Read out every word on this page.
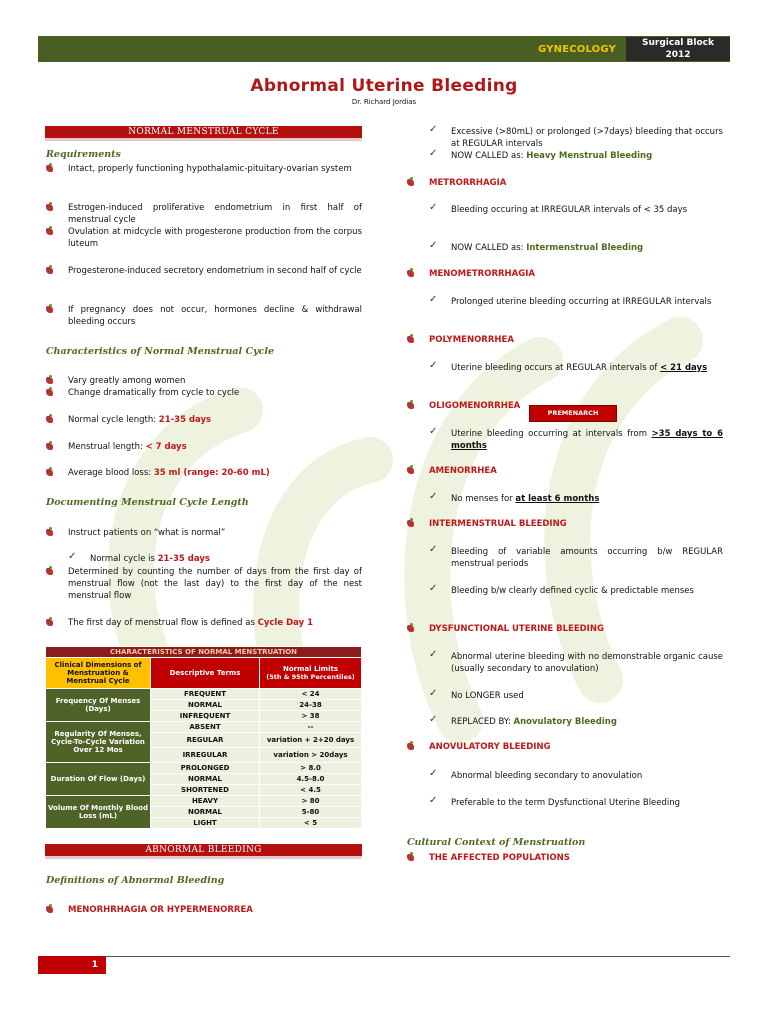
GYNECOLOGY
Surgical Block
2012
Abnormal Uterine Bleeding
Dr. Richard Jordias
NORMAL MENSTRUAL CYCLE
Requirements
Intact, properly functioning hypothalamic-pituitary-ovarian system
Estrogen-induced proliferative endometrium in first half of menstrual cycle
Ovulation at midcycle with progesterone production from the corpus luteum
Progesterone-induced secretory endometrium in second half of cycle
If pregnancy does not occur, hormones decline & withdrawal bleeding occurs
Characteristics of Normal Menstrual Cycle
Vary greatly among women
Change dramatically from cycle to cycle
Normal cycle length: 21-35 days
Menstrual length: < 7 days
Average blood loss: 35 ml (range: 20-60 mL)
Documenting Menstrual Cycle Length
Instruct patients on “what is normal”
✓ Normal cycle is 21-35 days
Determined by counting the number of days from the first day of menstrual flow (not the last day) to the first day of the nest menstrual flow
The first day of menstrual flow is defined as Cycle Day 1
CHARACTERISTICS OF NORMAL MENSTRUATION		
Clinical Dimensions of Menstruation & Menstrual Cycle	Descriptive Terms	Normal Limits
(5th & 95th Percentiles)

Frequency Of Menses (Days)	FREQUENT	< 24
	NORMAL	24-38
	INFREQUENT	> 38
Regularity Of Menses, Cycle-To-Cycle Variation Over 12 Mos	ABSENT	--
	REGULAR	variation + 2+20 days
	IRREGULAR	variation > 20days
Duration Of Flow (Days)	PROLONGED	> 8.0
	NORMAL	4.5-8.0
	SHORTENED	< 4.5
Volume Of Monthly Blood Loss (mL)	HEAVY	> 80
	NORMAL	5-80
	LIGHT	< 5
ABNORMAL BLEEDING
Definitions of Abnormal Bleeding
MENORHRHAGIA OR HYPERMENORREA
✓ Excessive (>80mL) or prolonged (>7days) bleeding that occurs at REGULAR intervals
✓ NOW CALLED as: Heavy Menstrual Bleeding
METRORRHAGIA
✓ Bleeding occuring at IRREGULAR intervals of < 35 days
✓ NOW CALLED as: Intermenstrual Bleeding
MENOMETRORRHAGIA
✓ Prolonged uterine bleeding occurring at IRREGULAR intervals
POLYMENORRHEA
✓ Uterine bleeding occurs at REGULAR intervals of < 21 days
OLIGOMENORRHEA
PREMENARCH
✓ Uterine bleeding occurring at intervals from >35 days to 6 months
AMENORRHEA
✓ No menses for at least 6 months
INTERMENSTRUAL BLEEDING
✓ Bleeding of variable amounts occurring b/w REGULAR menstrual periods
✓ Bleeding b/w clearly defined cyclic & predictable menses
DYSFUNCTIONAL UTERINE BLEEDING
✓ Abnormal uterine bleeding with no demonstrable organic cause (usually secondary to anovulation)
✓ No LONGER used
✓ REPLACED BY: Anovulatory Bleeding
ANOVULATORY BLEEDING
✓ Abnormal bleeding secondary to anovulation
✓ Preferable to the term Dysfunctional Uterine Bleeding
Cultural Context of Menstruation
THE AFFECTED POPULATIONS
1
